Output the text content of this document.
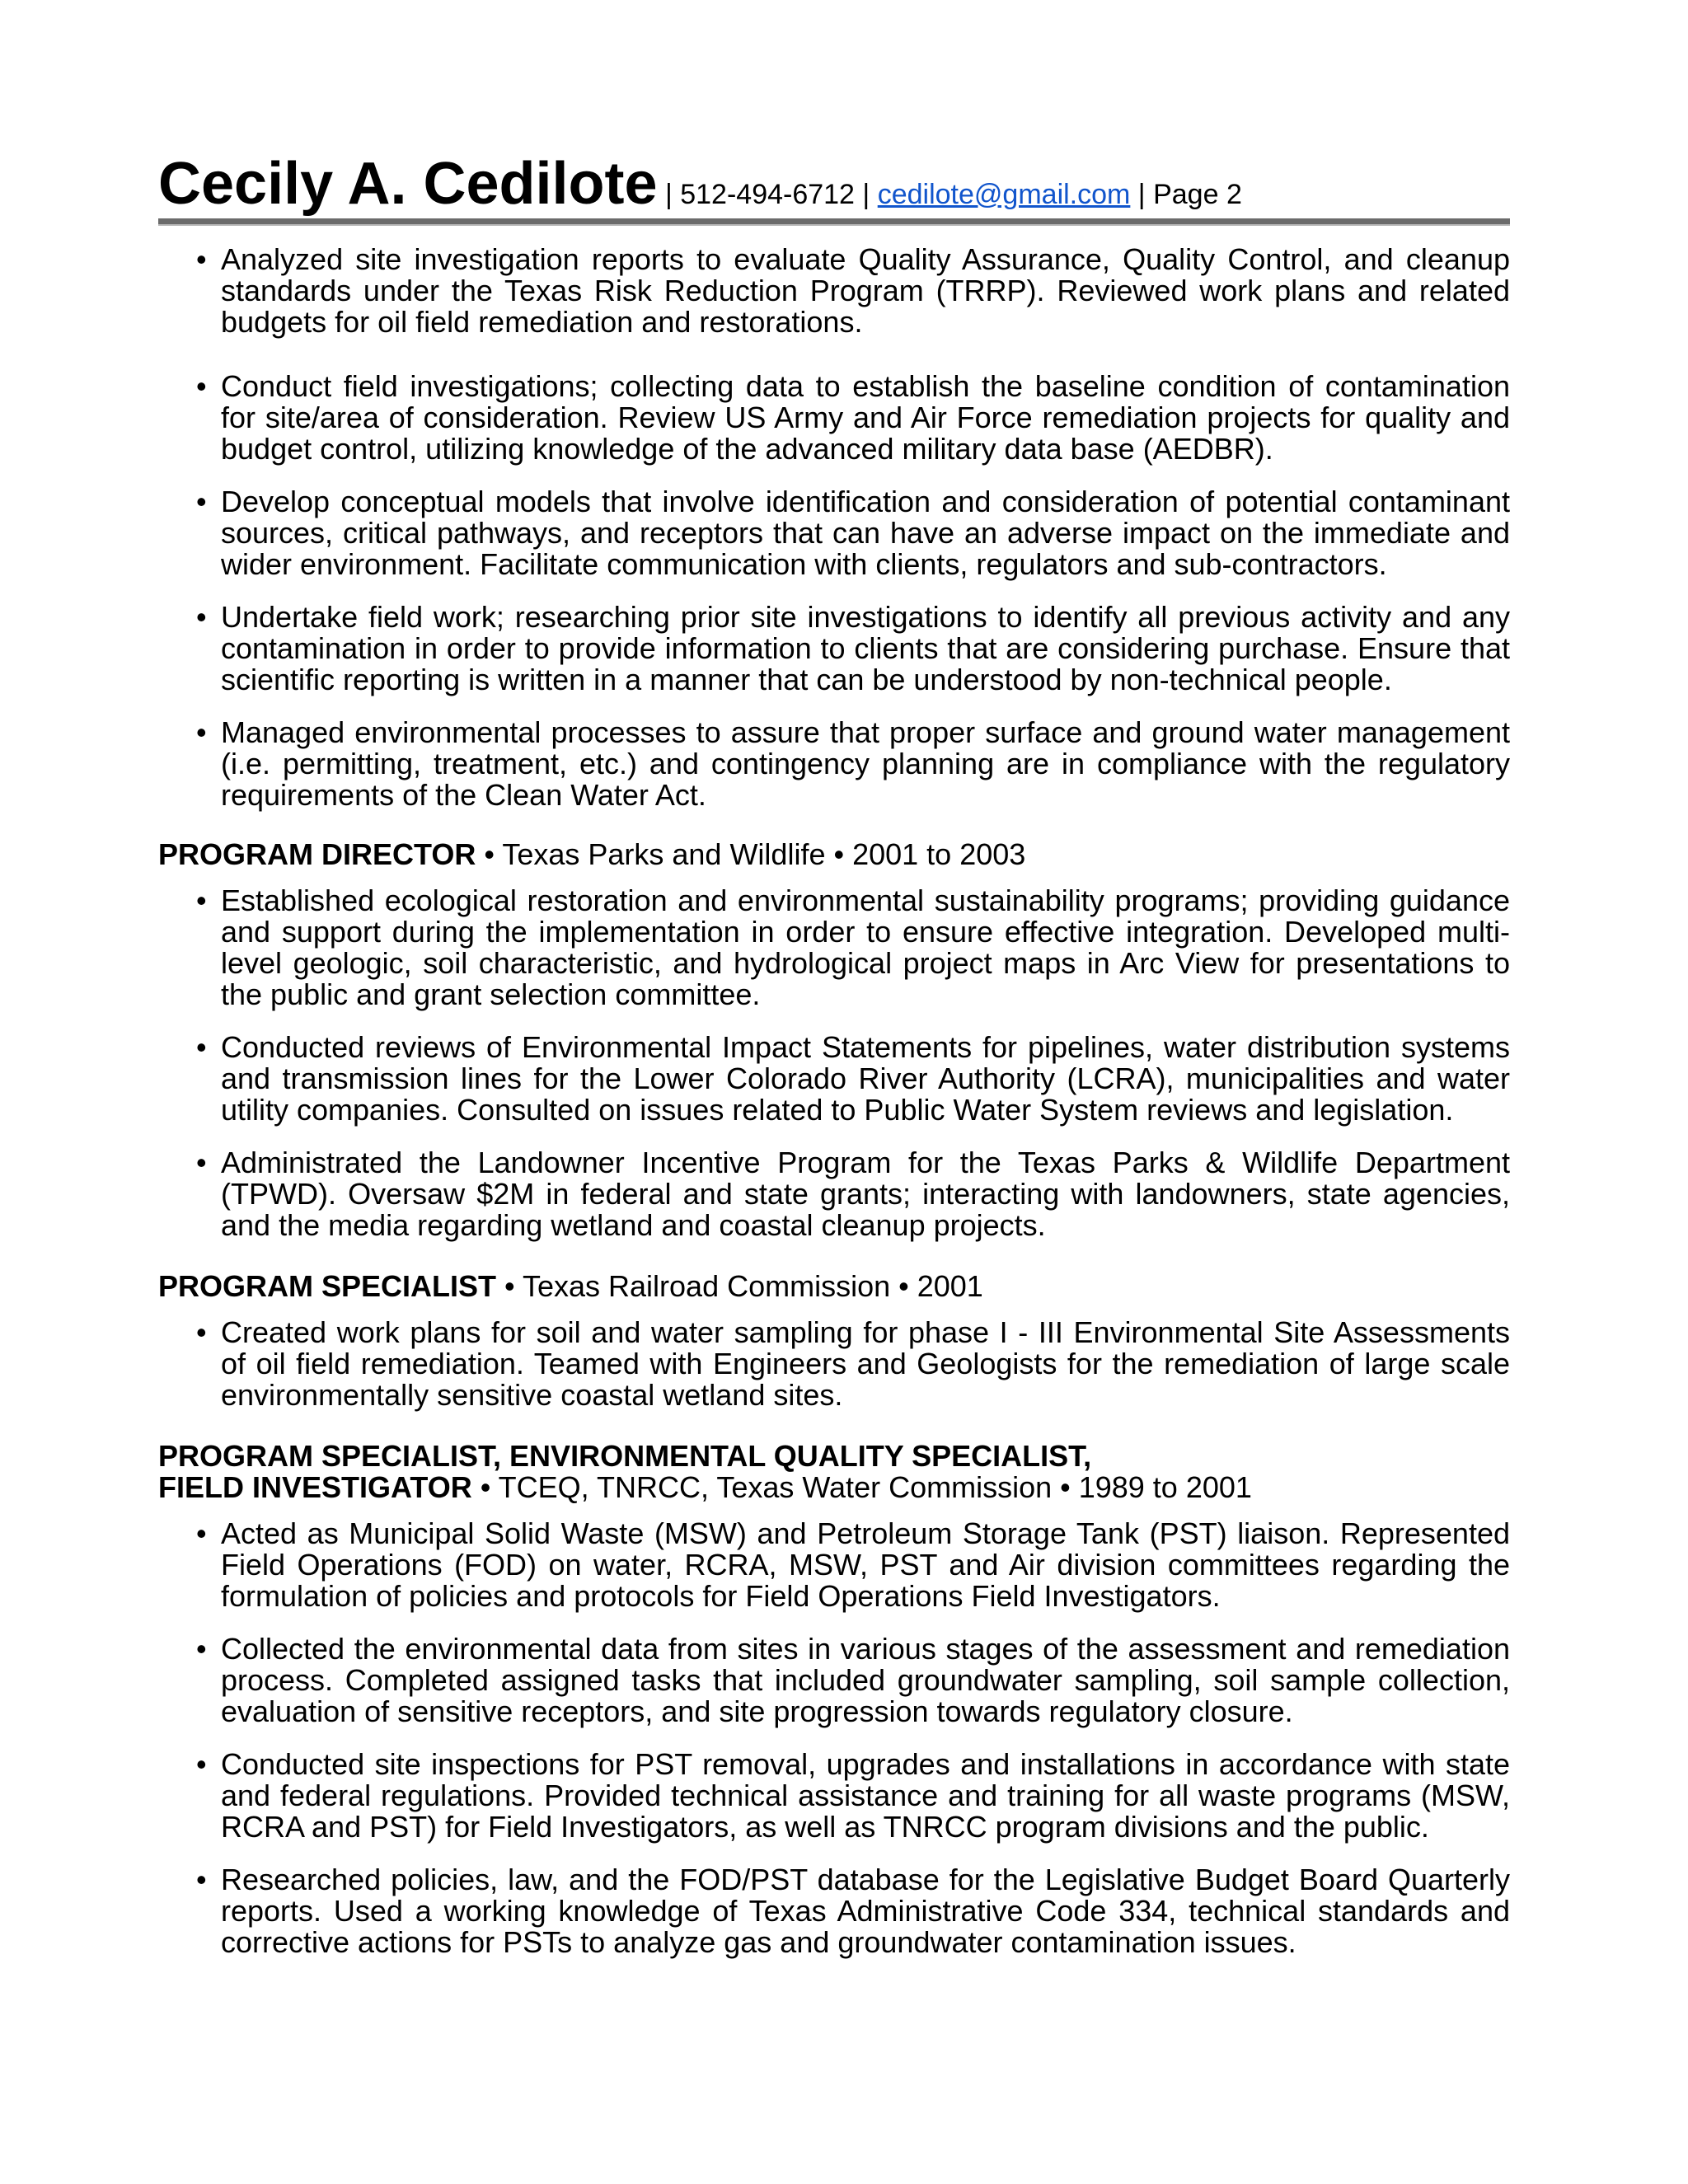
Cecily A. Cedilote | 512-494-6712 | cedilote@gmail.com | Page 2
• Analyzed site investigation reports to evaluate Quality Assurance, Quality Control, and cleanup standards under the Texas Risk Reduction Program (TRRP). Reviewed work plans and related budgets for oil field remediation and restorations.
• Conduct field investigations; collecting data to establish the baseline condition of contamination for site/area of consideration. Review US Army and Air Force remediation projects for quality and budget control, utilizing knowledge of the advanced military data base (AEDBR).
• Develop conceptual models that involve identification and consideration of potential contaminant sources, critical pathways, and receptors that can have an adverse impact on the immediate and wider environment. Facilitate communication with clients, regulators and sub-contractors.
• Undertake field work; researching prior site investigations to identify all previous activity and any contamination in order to provide information to clients that are considering purchase. Ensure that scientific reporting is written in a manner that can be understood by non-technical people.
• Managed environmental processes to assure that proper surface and ground water management (i.e. permitting, treatment, etc.) and contingency planning are in compliance with the regulatory requirements of the Clean Water Act.
PROGRAM DIRECTOR • Texas Parks and Wildlife • 2001 to 2003
• Established ecological restoration and environmental sustainability programs; providing guidance and support during the implementation in order to ensure effective integration. Developed multi-level geologic, soil characteristic, and hydrological project maps in Arc View for presentations to the public and grant selection committee.
• Conducted reviews of Environmental Impact Statements for pipelines, water distribution systems and transmission lines for the Lower Colorado River Authority (LCRA), municipalities and water utility companies. Consulted on issues related to Public Water System reviews and legislation.
• Administrated the Landowner Incentive Program for the Texas Parks & Wildlife Department (TPWD). Oversaw $2M in federal and state grants; interacting with landowners, state agencies, and the media regarding wetland and coastal cleanup projects.
PROGRAM SPECIALIST • Texas Railroad Commission • 2001
• Created work plans for soil and water sampling for phase I - III Environmental Site Assessments of oil field remediation. Teamed with Engineers and Geologists for the remediation of large scale environmentally sensitive coastal wetland sites.
PROGRAM SPECIALIST, ENVIRONMENTAL QUALITY SPECIALIST,
FIELD INVESTIGATOR • TCEQ, TNRCC, Texas Water Commission • 1989 to 2001
• Acted as Municipal Solid Waste (MSW) and Petroleum Storage Tank (PST) liaison. Represented Field Operations (FOD) on water, RCRA, MSW, PST and Air division committees regarding the formulation of policies and protocols for Field Operations Field Investigators.
• Collected the environmental data from sites in various stages of the assessment and remediation process. Completed assigned tasks that included groundwater sampling, soil sample collection, evaluation of sensitive receptors, and site progression towards regulatory closure.
• Conducted site inspections for PST removal, upgrades and installations in accordance with state and federal regulations. Provided technical assistance and training for all waste programs (MSW, RCRA and PST) for Field Investigators, as well as TNRCC program divisions and the public.
• Researched policies, law, and the FOD/PST database for the Legislative Budget Board Quarterly reports. Used a working knowledge of Texas Administrative Code 334, technical standards and corrective actions for PSTs to analyze gas and groundwater contamination issues.
